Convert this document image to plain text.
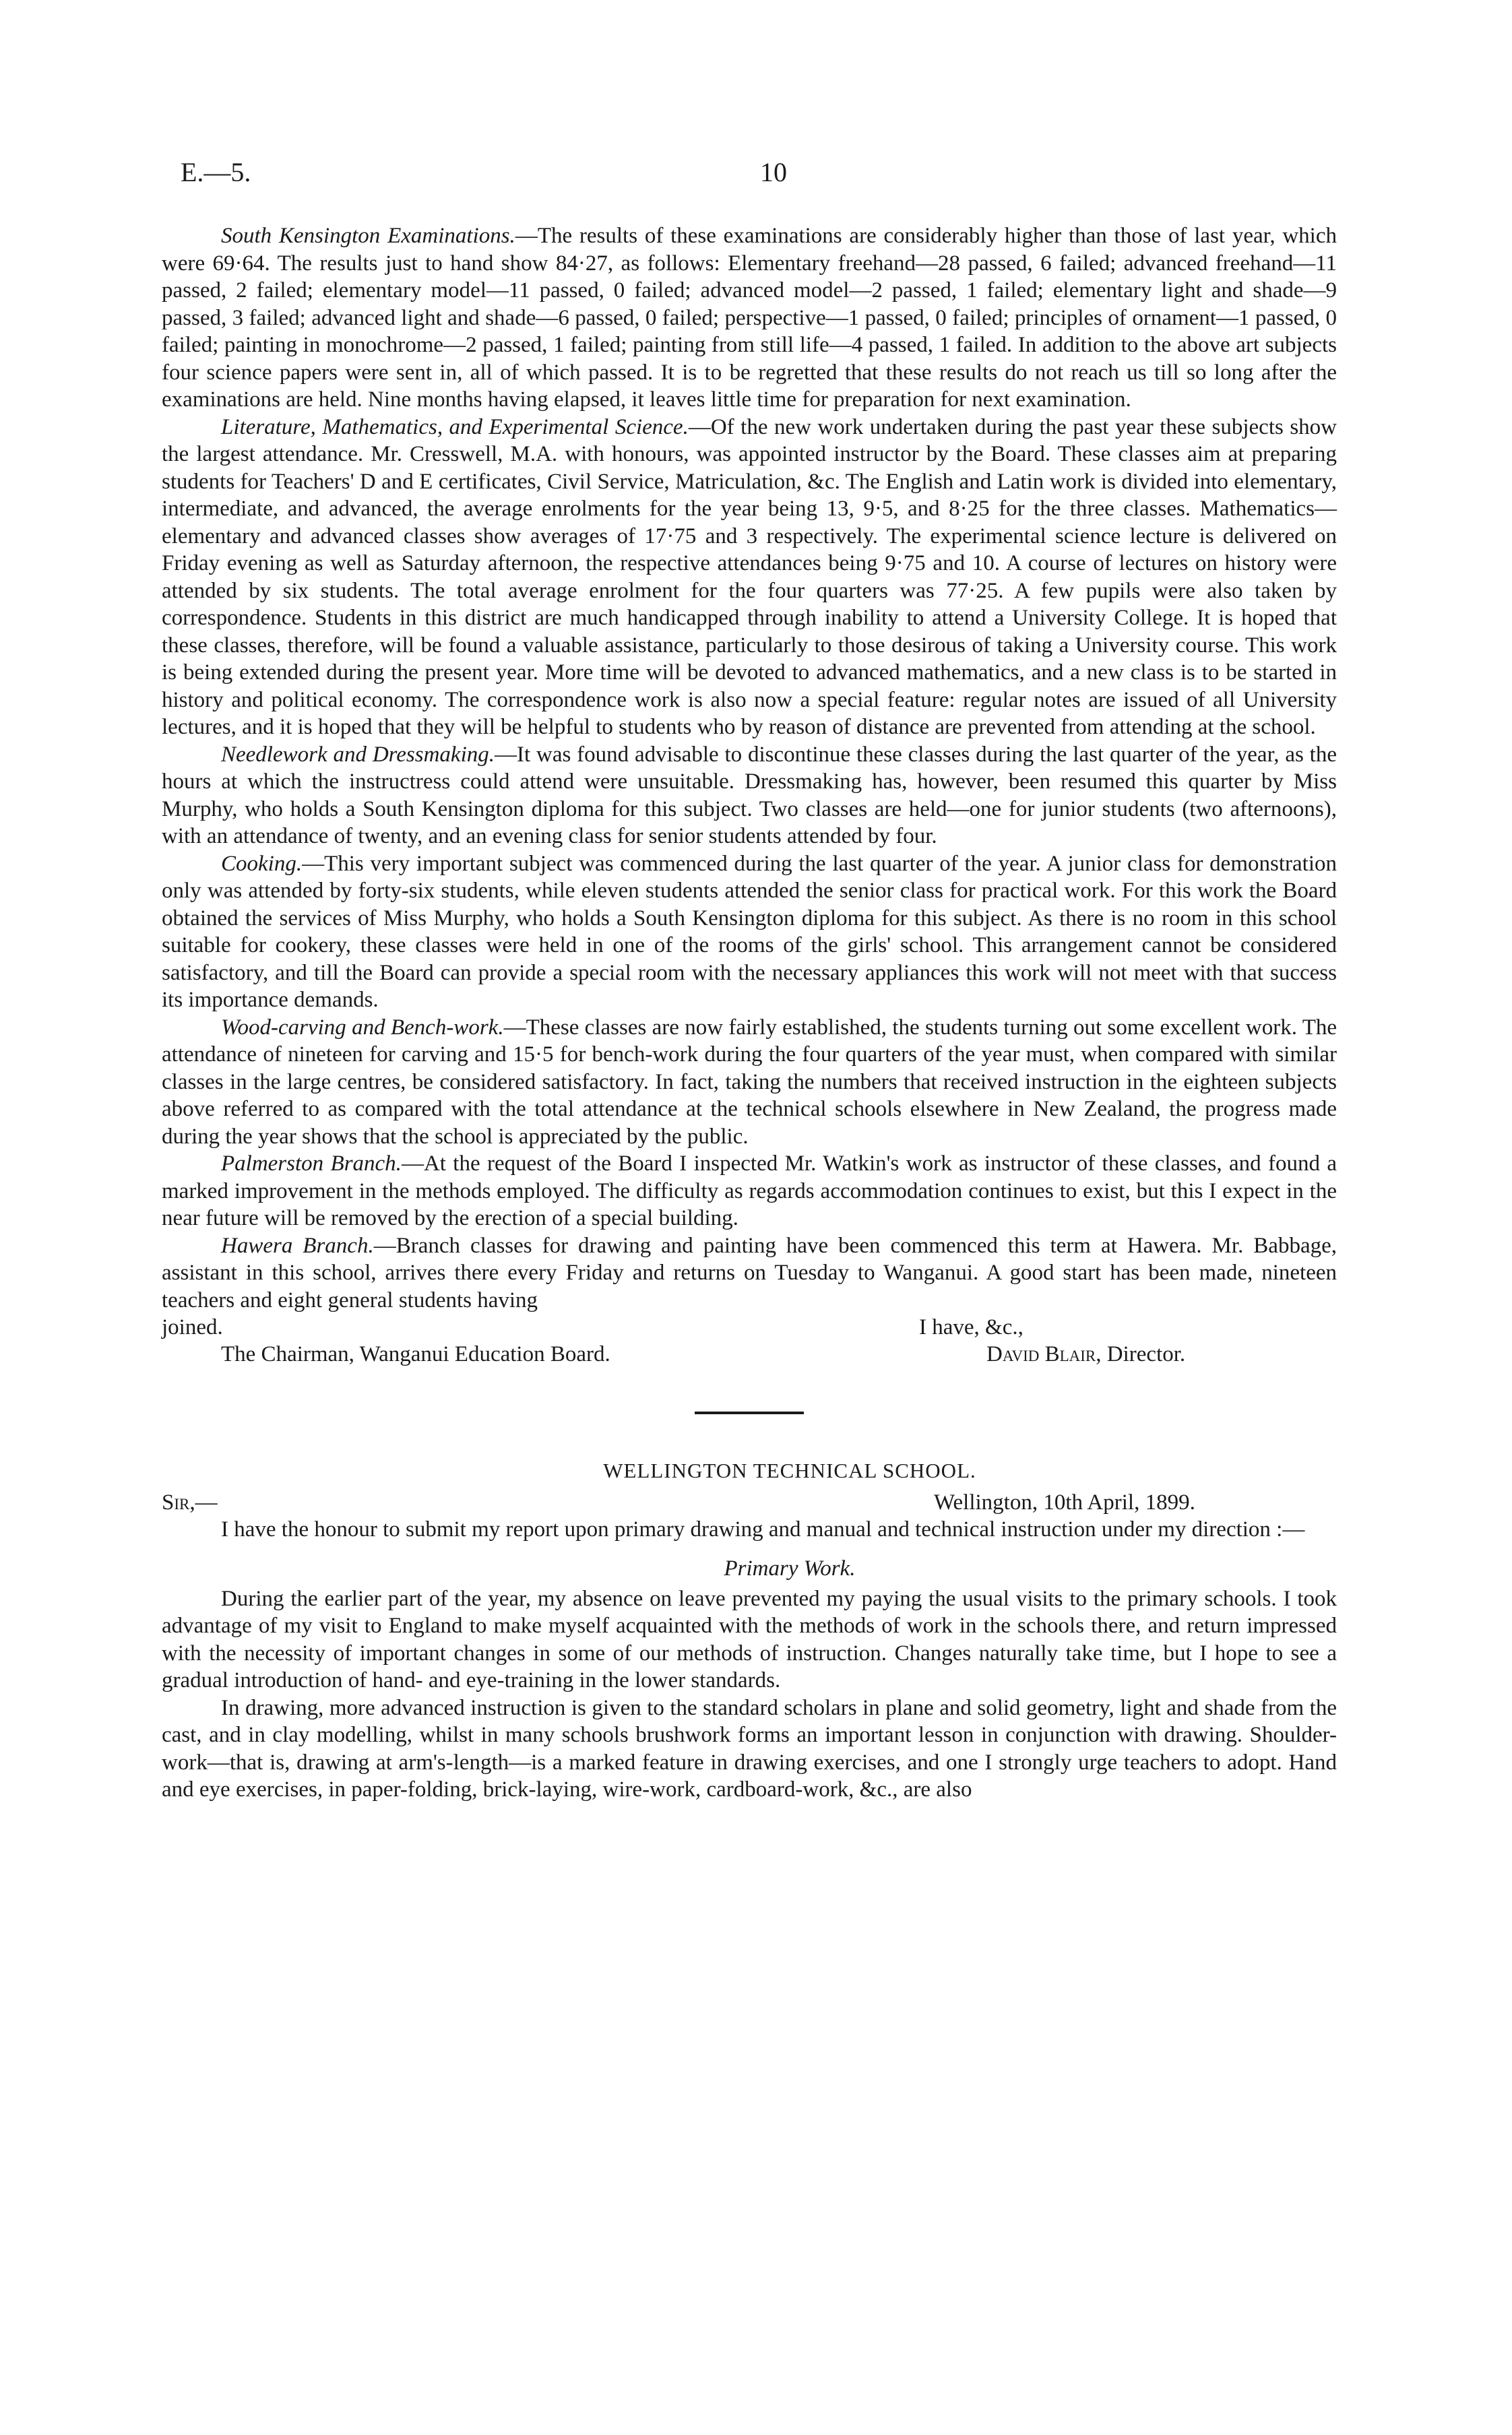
E.—5.	10

South Kensington Examinations.—The results of these examinations are considerably higher than those of last year, which were 69·64. The results just to hand show 84·27, as follows: Elementary freehand—28 passed, 6 failed; advanced freehand—11 passed, 2 failed; elementary model—11 passed, 0 failed; advanced model—2 passed, 1 failed; elementary light and shade—9 passed, 3 failed; advanced light and shade—6 passed, 0 failed; perspective—1 passed, 0 failed; principles of ornament—1 passed, 0 failed; painting in monochrome—2 passed, 1 failed; painting from still life—4 passed, 1 failed. In addition to the above art subjects four science papers were sent in, all of which passed. It is to be regretted that these results do not reach us till so long after the examinations are held. Nine months having elapsed, it leaves little time for preparation for next examination.

Literature, Mathematics, and Experimental Science.—Of the new work undertaken during the past year these subjects show the largest attendance. Mr. Cresswell, M.A. with honours, was appointed instructor by the Board. These classes aim at preparing students for Teachers' D and E certificates, Civil Service, Matriculation, &c. The English and Latin work is divided into elementary, intermediate, and advanced, the average enrolments for the year being 13, 9·5, and 8·25 for the three classes. Mathematics—elementary and advanced classes show averages of 17·75 and 3 respectively. The experimental science lecture is delivered on Friday evening as well as Saturday afternoon, the respective attendances being 9·75 and 10. A course of lectures on history were attended by six students. The total average enrolment for the four quarters was 77·25. A few pupils were also taken by correspondence. Students in this district are much handicapped through inability to attend a University College. It is hoped that these classes, therefore, will be found a valuable assistance, particularly to those desirous of taking a University course. This work is being extended during the present year. More time will be devoted to advanced mathematics, and a new class is to be started in history and political economy. The correspondence work is also now a special feature: regular notes are issued of all University lectures, and it is hoped that they will be helpful to students who by reason of distance are prevented from attending at the school.

Needlework and Dressmaking.—It was found advisable to discontinue these classes during the last quarter of the year, as the hours at which the instructress could attend were unsuitable. Dressmaking has, however, been resumed this quarter by Miss Murphy, who holds a South Kensington diploma for this subject. Two classes are held—one for junior students (two afternoons), with an attendance of twenty, and an evening class for senior students attended by four.

Cooking.—This very important subject was commenced during the last quarter of the year. A junior class for demonstration only was attended by forty-six students, while eleven students attended the senior class for practical work. For this work the Board obtained the services of Miss Murphy, who holds a South Kensington diploma for this subject. As there is no room in this school suitable for cookery, these classes were held in one of the rooms of the girls' school. This arrangement cannot be considered satisfactory, and till the Board can provide a special room with the necessary appliances this work will not meet with that success its importance demands.

Wood-carving and Bench-work.—These classes are now fairly established, the students turning out some excellent work. The attendance of nineteen for carving and 15·5 for bench-work during the four quarters of the year must, when compared with similar classes in the large centres, be considered satisfactory. In fact, taking the numbers that received instruction in the eighteen subjects above referred to as compared with the total attendance at the technical schools elsewhere in New Zealand, the progress made during the year shows that the school is appreciated by the public.

Palmerston Branch.—At the request of the Board I inspected Mr. Watkin's work as instructor of these classes, and found a marked improvement in the methods employed. The difficulty as regards accommodation continues to exist, but this I expect in the near future will be removed by the erection of a special building.

Hawera Branch.—Branch classes for drawing and painting have been commenced this term at Hawera. Mr. Babbage, assistant in this school, arrives there every Friday and returns on Tuesday to Wanganui. A good start has been made, nineteen teachers and eight general students having

joined.	I have, &c.,
The Chairman, Wanganui Education Board.	David Blair, Director.
WELLINGTON TECHNICAL SCHOOL.
Sir,—	Wellington, 10th April, 1899.

I have the honour to submit my report upon primary drawing and manual and technical instruction under my direction :—

Primary Work.

During the earlier part of the year, my absence on leave prevented my paying the usual visits to the primary schools. I took advantage of my visit to England to make myself acquainted with the methods of work in the schools there, and return impressed with the necessity of important changes in some of our methods of instruction. Changes naturally take time, but I hope to see a gradual introduction of hand- and eye-training in the lower standards.

In drawing, more advanced instruction is given to the standard scholars in plane and solid geometry, light and shade from the cast, and in clay modelling, whilst in many schools brushwork forms an important lesson in conjunction with drawing. Shoulder-work—that is, drawing at arm's-length—is a marked feature in drawing exercises, and one I strongly urge teachers to adopt. Hand and eye exercises, in paper-folding, brick-laying, wire-work, cardboard-work, &c., are also
